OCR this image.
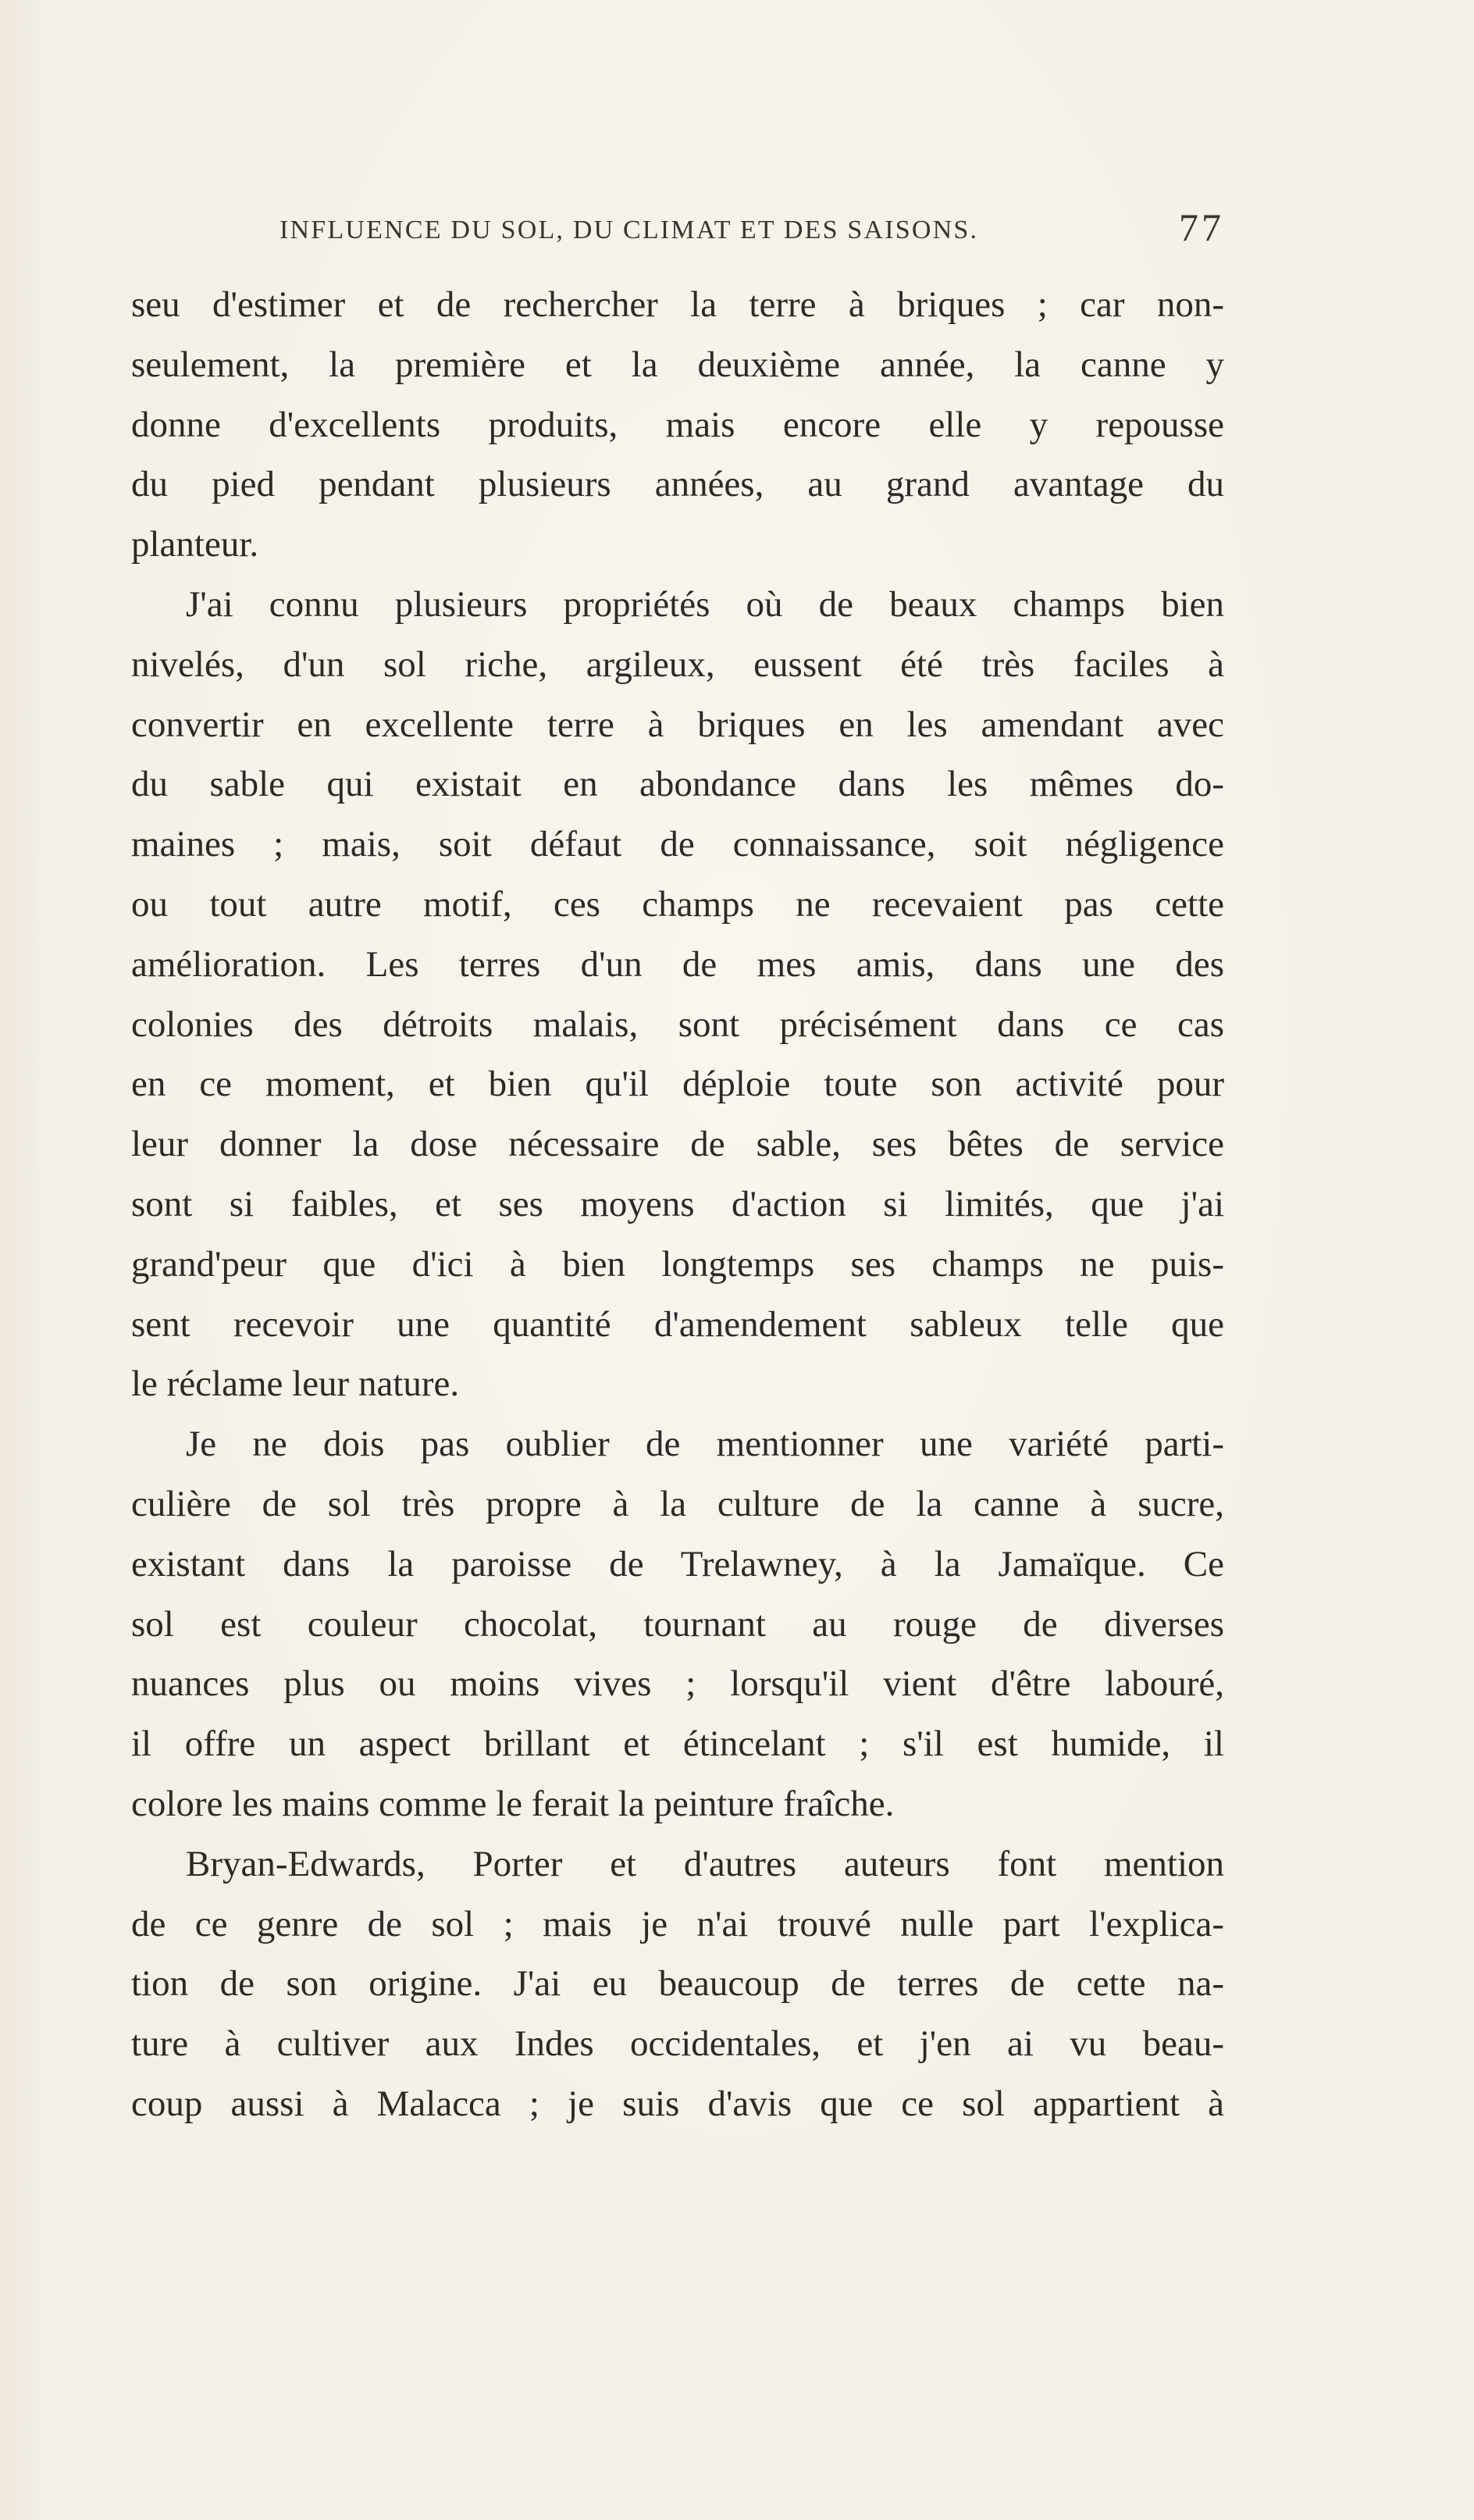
INFLUENCE DU SOL, DU CLIMAT ET DES SAISONS.	77
seu d'estimer et de rechercher la terre à briques ; car non-
seulement, la première et la deuxième année, la canne y
donne d'excellents produits, mais encore elle y repousse
du pied pendant plusieurs années, au grand avantage du
planteur.
J'ai connu plusieurs propriétés où de beaux champs bien
nivelés, d'un sol riche, argileux, eussent été très faciles à
convertir en excellente terre à briques en les amendant avec
du sable qui existait en abondance dans les mêmes do-
maines ; mais, soit défaut de connaissance, soit négligence
ou tout autre motif, ces champs ne recevaient pas cette
amélioration. Les terres d'un de mes amis, dans une des
colonies des détroits malais, sont précisément dans ce cas
en ce moment, et bien qu'il déploie toute son activité pour
leur donner la dose nécessaire de sable, ses bêtes de service
sont si faibles, et ses moyens d'action si limités, que j'ai
grand'peur que d'ici à bien longtemps ses champs ne puis-
sent recevoir une quantité d'amendement sableux telle que
le réclame leur nature.
Je ne dois pas oublier de mentionner une variété parti-
culière de sol très propre à la culture de la canne à sucre,
existant dans la paroisse de Trelawney, à la Jamaïque. Ce
sol est couleur chocolat, tournant au rouge de diverses
nuances plus ou moins vives ; lorsqu'il vient d'être labouré,
il offre un aspect brillant et étincelant ; s'il est humide, il
colore les mains comme le ferait la peinture fraîche.
Bryan-Edwards, Porter et d'autres auteurs font mention
de ce genre de sol ; mais je n'ai trouvé nulle part l'explica-
tion de son origine. J'ai eu beaucoup de terres de cette na-
ture à cultiver aux Indes occidentales, et j'en ai vu beau-
coup aussi à Malacca ; je suis d'avis que ce sol appartient à
